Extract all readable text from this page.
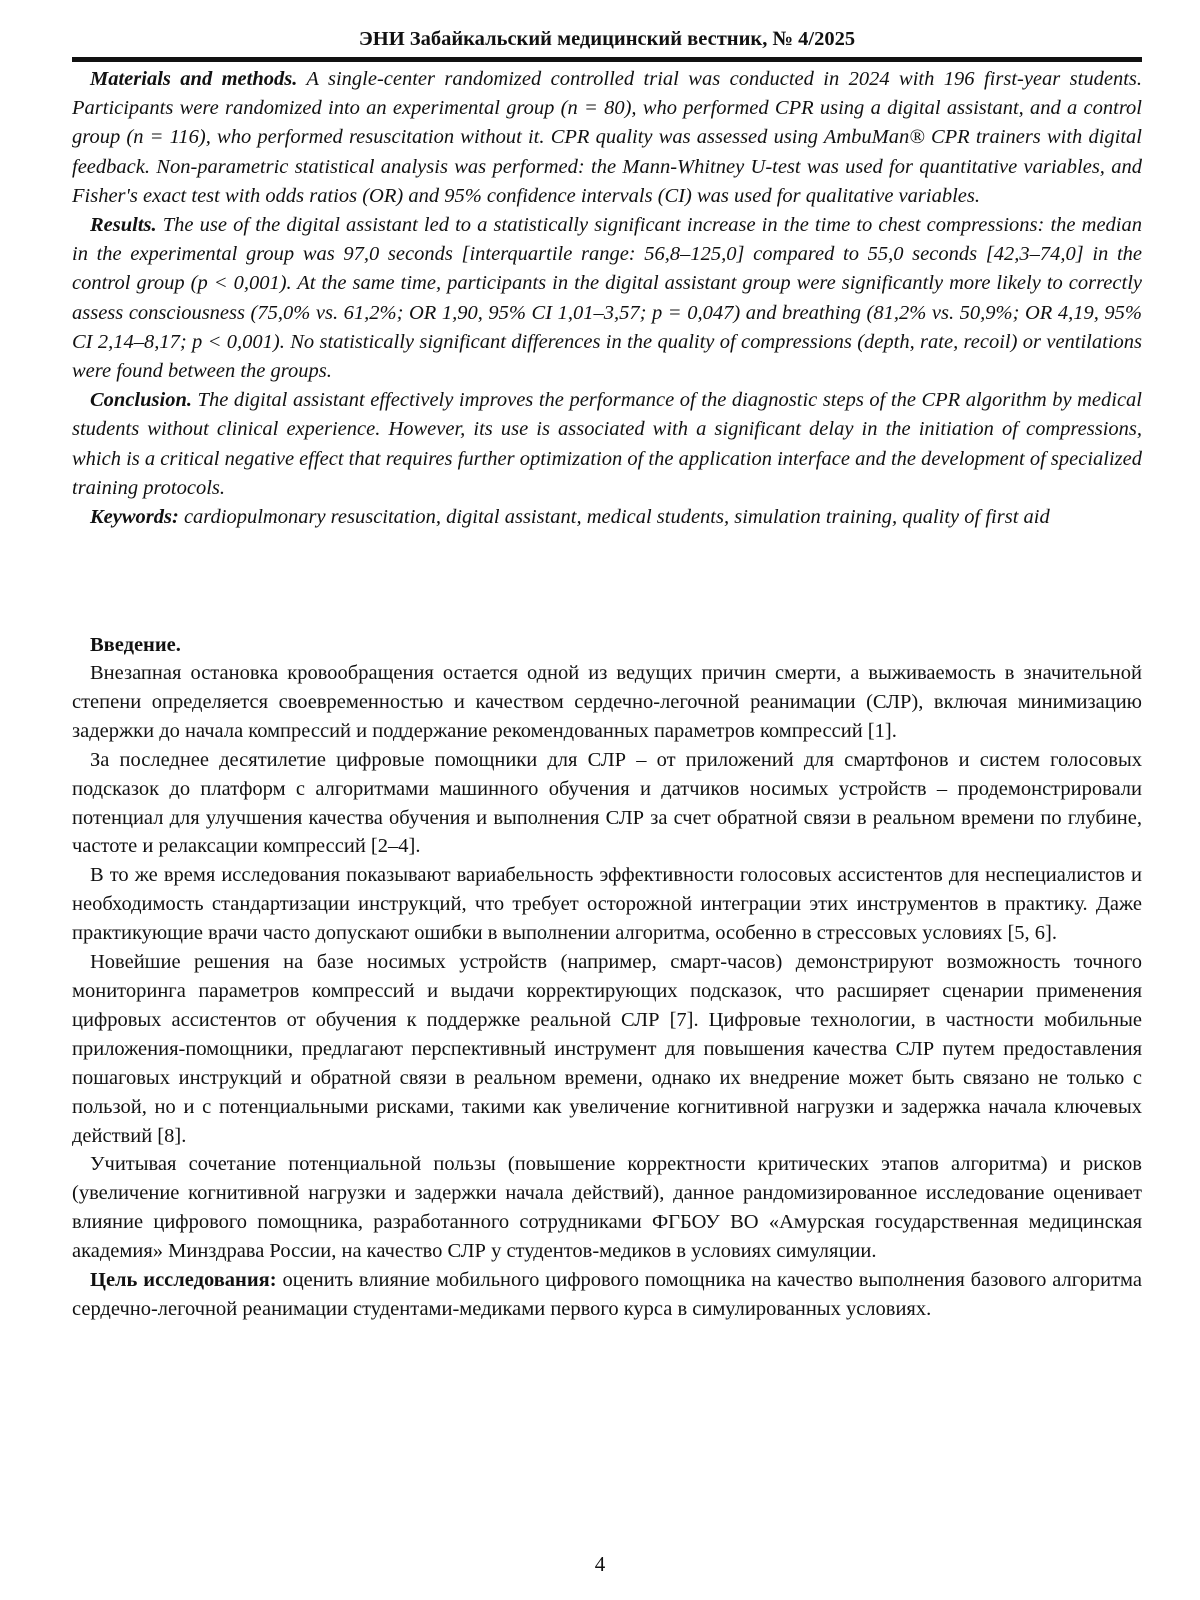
ЭНИ Забайкальский медицинский вестник, № 4/2025

Materials and methods. A single-center randomized controlled trial was conducted in 2024 with 196 first-year students. Participants were randomized into an experimental group (n = 80), who performed CPR using a digital assistant, and a control group (n = 116), who performed resuscitation without it. CPR quality was assessed using AmbuMan® CPR trainers with digital feedback. Non-parametric statistical analysis was performed: the Mann-Whitney U-test was used for quantitative variables, and Fisher's exact test with odds ratios (OR) and 95% confidence intervals (CI) was used for qualitative variables.

Results. The use of the digital assistant led to a statistically significant increase in the time to chest compressions: the median in the experimental group was 97,0 seconds [interquartile range: 56,8–125,0] compared to 55,0 seconds [42,3–74,0] in the control group (p < 0,001). At the same time, participants in the digital assistant group were significantly more likely to correctly assess consciousness (75,0% vs. 61,2%; OR 1,90, 95% CI 1,01–3,57; p = 0,047) and breathing (81,2% vs. 50,9%; OR 4,19, 95% CI 2,14–8,17; p < 0,001). No statistically significant differences in the quality of compressions (depth, rate, recoil) or ventilations were found between the groups.

Conclusion. The digital assistant effectively improves the performance of the diagnostic steps of the CPR algorithm by medical students without clinical experience. However, its use is associated with a significant delay in the initiation of compressions, which is a critical negative effect that requires further optimization of the application interface and the development of specialized training protocols.

Keywords: cardiopulmonary resuscitation, digital assistant, medical students, simulation training, quality of first aid

Введение.

Внезапная остановка кровообращения остается одной из ведущих причин смерти, а выживаемость в значительной степени определяется своевременностью и качеством сердечно-легочной реанимации (СЛР), включая минимизацию задержки до начала компрессий и поддержание рекомендованных параметров компрессий [1].

За последнее десятилетие цифровые помощники для СЛР – от приложений для смартфонов и систем голосовых подсказок до платформ с алгоритмами машинного обучения и датчиков носимых устройств – продемонстрировали потенциал для улучшения качества обучения и выполнения СЛР за счет обратной связи в реальном времени по глубине, частоте и релаксации компрессий [2–4].

В то же время исследования показывают вариабельность эффективности голосовых ассистентов для неспециалистов и необходимость стандартизации инструкций, что требует осторожной интеграции этих инструментов в практику. Даже практикующие врачи часто допускают ошибки в выполнении алгоритма, особенно в стрессовых условиях [5, 6].

Новейшие решения на базе носимых устройств (например, смарт-часов) демонстрируют возможность точного мониторинга параметров компрессий и выдачи корректирующих подсказок, что расширяет сценарии применения цифровых ассистентов от обучения к поддержке реальной СЛР [7]. Цифровые технологии, в частности мобильные приложения-помощники, предлагают перспективный инструмент для повышения качества СЛР путем предоставления пошаговых инструкций и обратной связи в реальном времени, однако их внедрение может быть связано не только с пользой, но и с потенциальными рисками, такими как увеличение когнитивной нагрузки и задержка начала ключевых действий [8].

Учитывая сочетание потенциальной пользы (повышение корректности критических этапов алгоритма) и рисков (увеличение когнитивной нагрузки и задержки начала действий), данное рандомизированное исследование оценивает влияние цифрового помощника, разработанного сотрудниками ФГБОУ ВО «Амурская государственная медицинская академия» Минздрава России, на качество СЛР у студентов-медиков в условиях симуляции.

Цель исследования: оценить влияние мобильного цифрового помощника на качество выполнения базового алгоритма сердечно-легочной реанимации студентами-медиками первого курса в симулированных условиях.

4
